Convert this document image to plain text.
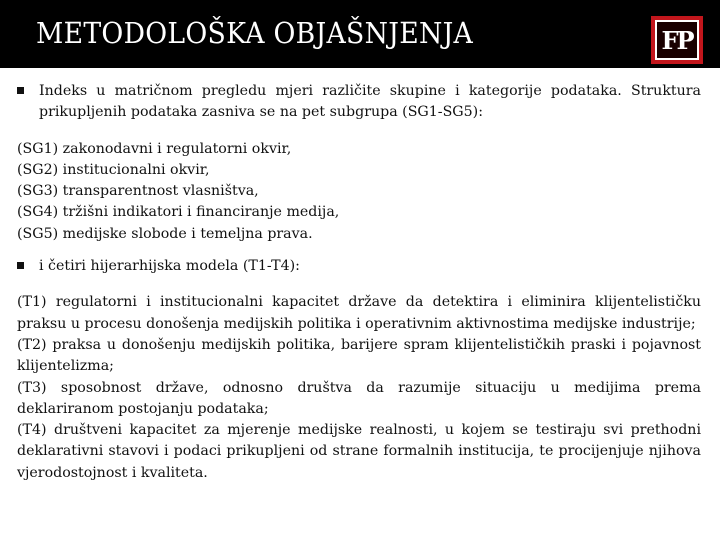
METODOLOŠKA OBJAŠNJENJA	FP
Indeks u matričnom pregledu mjeri različite skupine i kategorije podataka. Struktura prikupljenih podataka zasniva se na pet subgrupa (SG1-SG5):
(SG1) zakonodavni i regulatorni okvir,
(SG2) institucionalni okvir,
(SG3) transparentnost vlasništva,
(SG4) tržišni indikatori i financiranje medija,
(SG5) medijske slobode i temeljna prava.
i četiri hijerarhijska modela (T1-T4):
(T1) regulatorni i institucionalni kapacitet države da detektira i eliminira klijentelističku praksu u procesu donošenja medijskih politika i operativnim aktivnostima medijske industrije;
(T2) praksa u donošenju medijskih politika, barijere spram klijentelističkih praski i pojavnost klijentelizma;
(T3) sposobnost države, odnosno društva da razumije situaciju u medijima prema deklariranom postojanju podataka;
(T4) društveni kapacitet za mjerenje medijske realnosti, u kojem se testiraju svi prethodni deklarativni stavovi i podaci prikupljeni od strane formalnih institucija, te procijenjuje njihova vjerodostojnost i kvaliteta.
